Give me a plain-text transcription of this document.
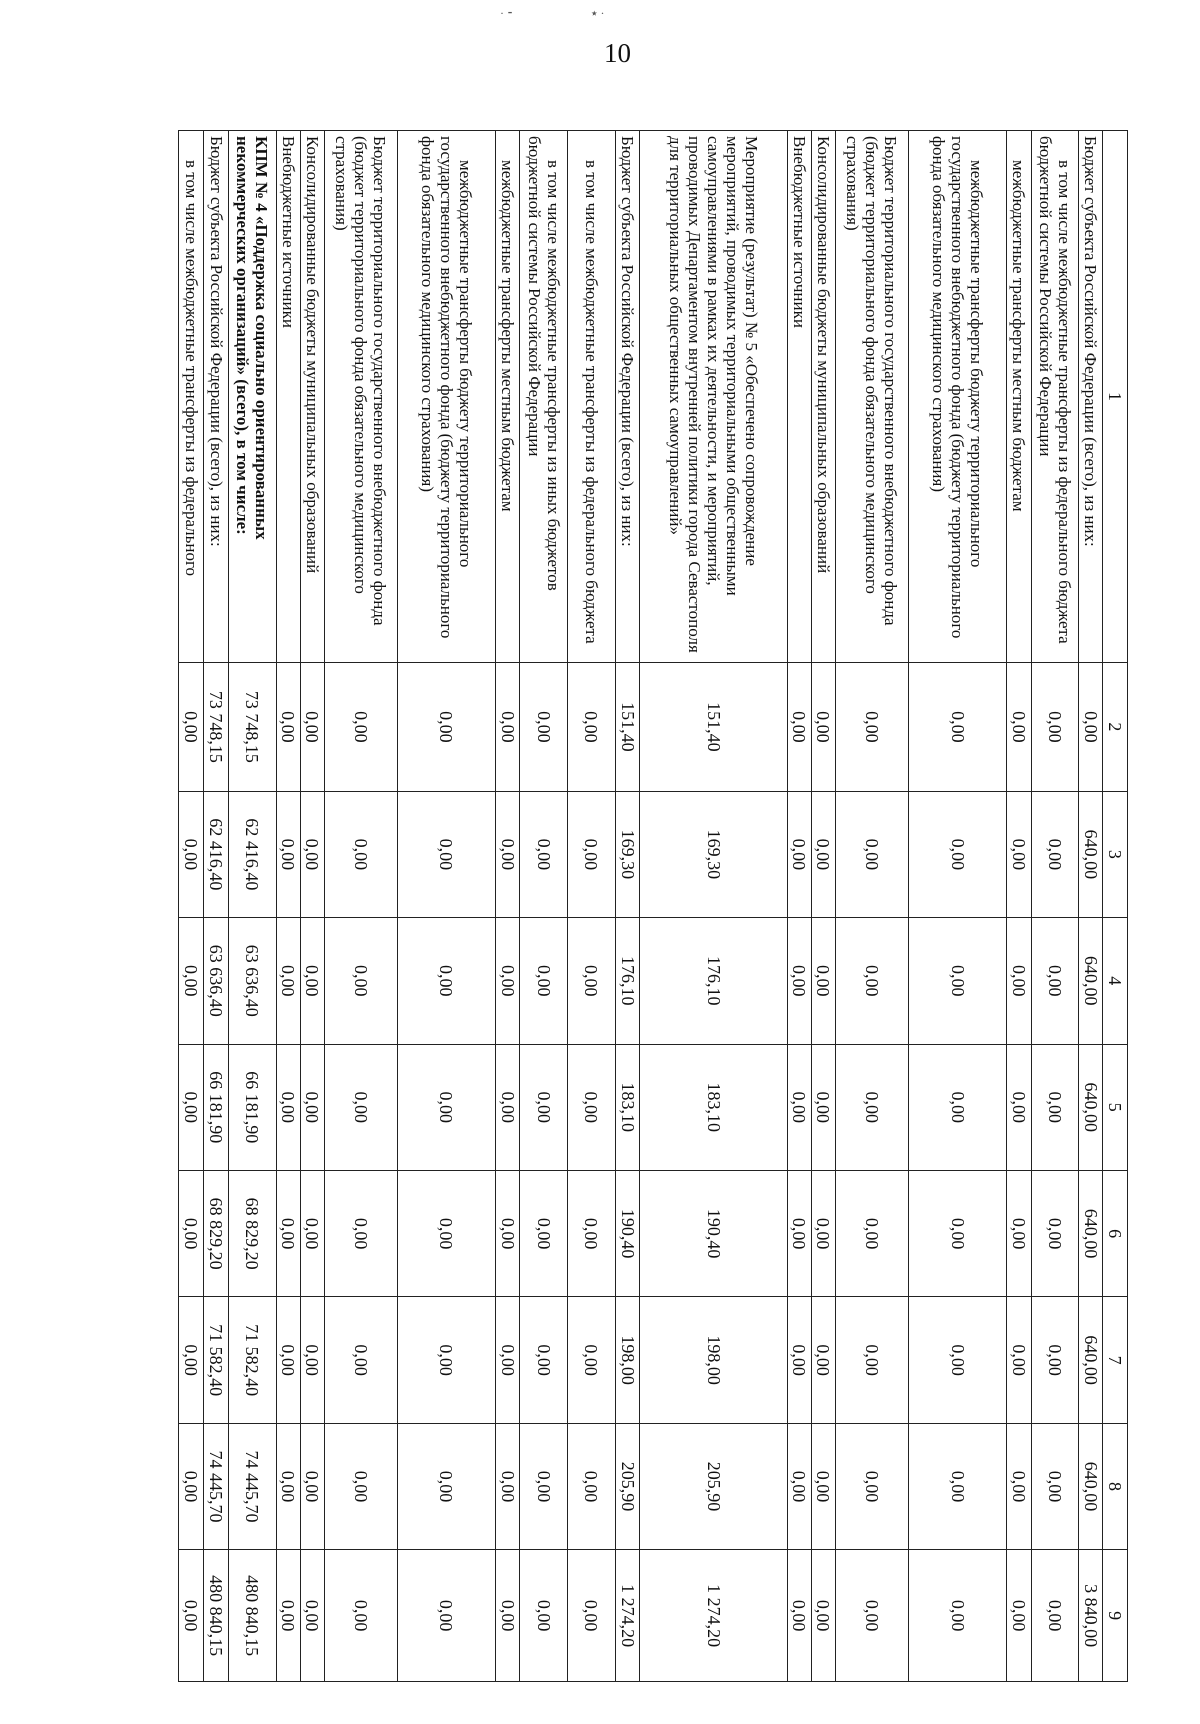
· ⁃                          ٭ ·
10
1	2	3	4	5	6	7	8	9
Бюджет субъекта Российской Федерации (всего), из них:	0,00	640,00	640,00	640,00	640,00	640,00	640,00	3 840,00
в том числе межбюджетные трансферты из федерального бюджета бюджетной системы Российской Федерации	0,00	0,00	0,00	0,00	0,00	0,00	0,00	0,00
межбюджетные трансферты местным бюджетам	0,00	0,00	0,00	0,00	0,00	0,00	0,00	0,00
межбюджетные трансферты бюджету территориального государственного внебюджетного фонда (бюджету территориального фонда обязательного медицинского страхования)	0,00	0,00	0,00	0,00	0,00	0,00	0,00	0,00
Бюджет территориального государственного внебюджетного фонда (бюджет территориального фонда обязательного медицинского страхования)	0,00	0,00	0,00	0,00	0,00	0,00	0,00	0,00
Консолидированные бюджеты муниципальных образований	0,00	0,00	0,00	0,00	0,00	0,00	0,00	0,00
Внебюджетные источники	0,00	0,00	0,00	0,00	0,00	0,00	0,00	0,00
Мероприятие (результат) № 5 «Обеспечено сопровождение мероприятий, проводимых территориальными общественными самоуправлениями в рамках их деятельности, и мероприятий, проводимых Департаментом внутренней политики города Севастополя для территориальных общественных самоуправлений»	151,40	169,30	176,10	183,10	190,40	198,00	205,90	1 274,20
Бюджет субъекта Российской Федерации (всего), из них:	151,40	169,30	176,10	183,10	190,40	198,00	205,90	1 274,20
в том числе межбюджетные трансферты из федерального бюджета	0,00	0,00	0,00	0,00	0,00	0,00	0,00	0,00
в том числе межбюджетные трансферты из иных бюджетов бюджетной системы Российской Федерации	0,00	0,00	0,00	0,00	0,00	0,00	0,00	0,00
межбюджетные трансферты местным бюджетам	0,00	0,00	0,00	0,00	0,00	0,00	0,00	0,00
межбюджетные трансферты бюджету территориального государственного внебюджетного фонда (бюджету территориального фонда обязательного медицинского страхования)	0,00	0,00	0,00	0,00	0,00	0,00	0,00	0,00
Бюджет территориального государственного внебюджетного фонда (бюджет территориального фонда обязательного медицинского страхования)	0,00	0,00	0,00	0,00	0,00	0,00	0,00	0,00
Консолидированные бюджеты муниципальных образований	0,00	0,00	0,00	0,00	0,00	0,00	0,00	0,00
Внебюджетные источники	0,00	0,00	0,00	0,00	0,00	0,00	0,00	0,00
КПМ № 4 «Поддержка социально ориентированных некоммерческих организаций» (всего), в том числе:	73 748,15	62 416,40	63 636,40	66 181,90	68 829,20	71 582,40	74 445,70	480 840,15
Бюджет субъекта Российской Федерации (всего), из них:	73 748,15	62 416,40	63 636,40	66 181,90	68 829,20	71 582,40	74 445,70	480 840,15
в том числе межбюджетные трансферты из федерального	0,00	0,00	0,00	0,00	0,00	0,00	0,00	0,00
